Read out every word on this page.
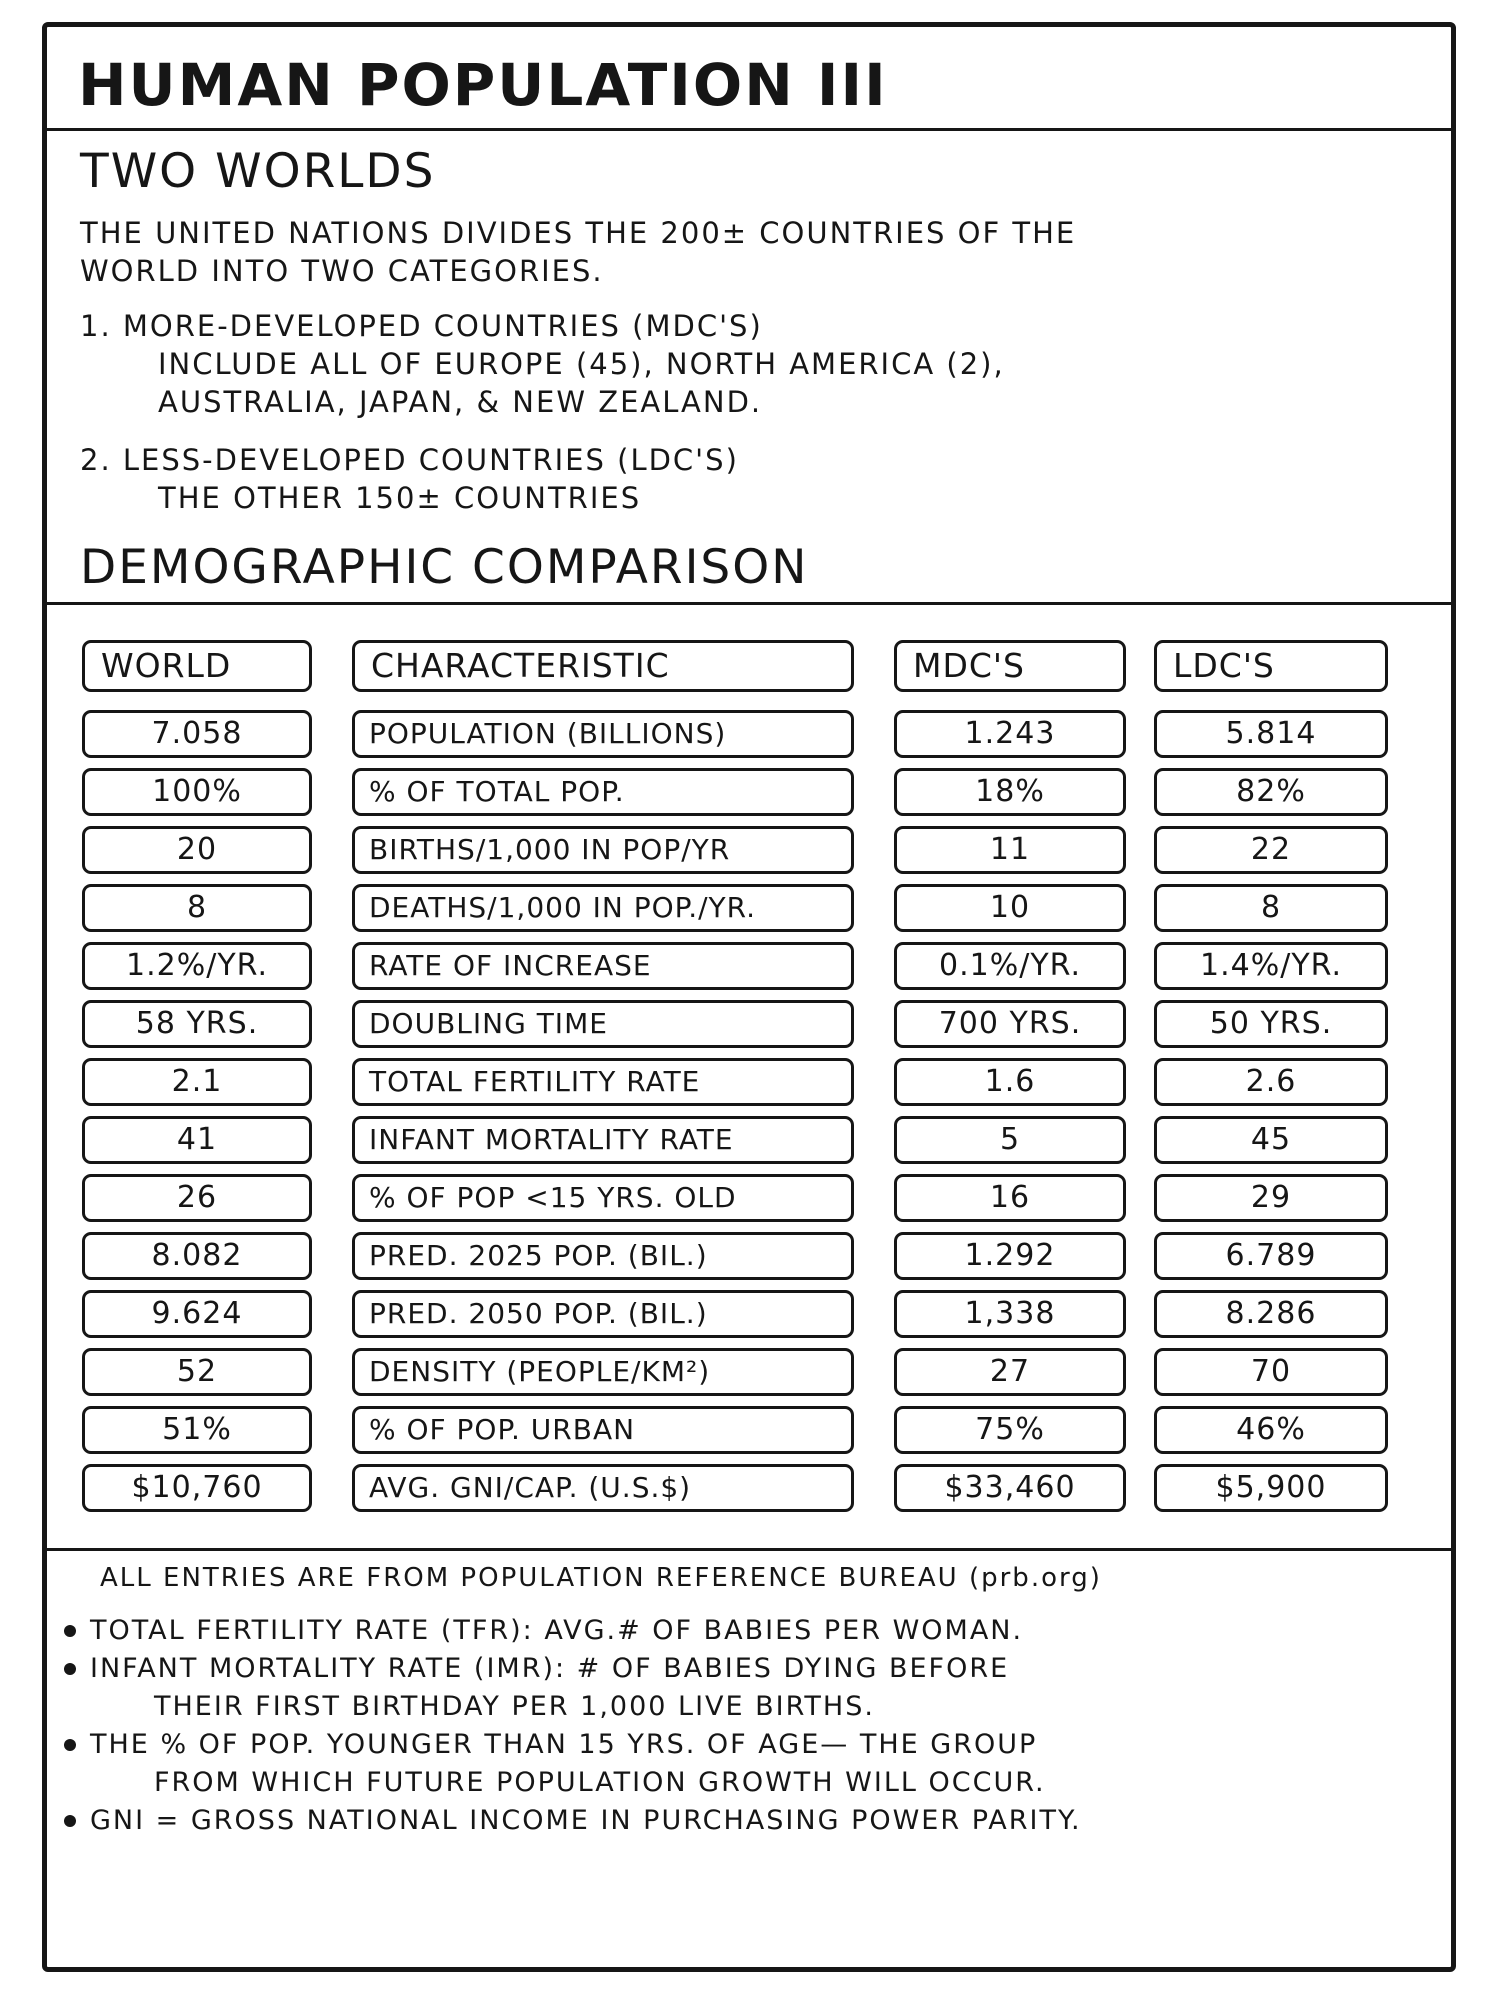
HUMAN POPULATION III
TWO WORLDS

THE UNITED NATIONS DIVIDES THE 200± COUNTRIES OF THE

WORLD INTO TWO CATEGORIES.

1. MORE-DEVELOPED COUNTRIES (MDC'S)
INCLUDE ALL OF EUROPE (45), NORTH AMERICA (2),
AUSTRALIA, JAPAN, & NEW ZEALAND.
2. LESS-DEVELOPED COUNTRIES (LDC'S)
THE OTHER 150± COUNTRIES
DEMOGRAPHIC COMPARISON
WORLD	CHARACTERISTIC	MDC'S	LDC'S
7.058	POPULATION (BILLIONS)	1.243	5.814
100%	% OF TOTAL POP.	18%	82%
20	BIRTHS/1,000 IN POP/YR	11	22
8	DEATHS/1,000 IN POP./YR.	10	8
1.2%/YR.	RATE OF INCREASE	0.1%/YR.	1.4%/YR.
58 YRS.	DOUBLING TIME	700 YRS.	50 YRS.
2.1	TOTAL FERTILITY RATE	1.6	2.6
41	INFANT MORTALITY RATE	5	45
26	% OF POP <15 YRS. OLD	16	29
8.082	PRED. 2025 POP. (BIL.)	1.292	6.789
9.624	PRED. 2050 POP. (BIL.)	1,338	8.286
52	DENSITY (PEOPLE/KM²)	27	70
51%	% OF POP. URBAN	75%	46%
$10,760	AVG. GNI/CAP. (U.S.$)	$33,460	$5,900
ALL ENTRIES ARE FROM POPULATION REFERENCE BUREAU (prb.org)
TOTAL FERTILITY RATE (TFR): AVG.# OF BABIES PER WOMAN.
INFANT MORTALITY RATE (IMR): # OF BABIES DYING BEFORE
THEIR FIRST BIRTHDAY PER 1,000 LIVE BIRTHS.
THE % OF POP. YOUNGER THAN 15 YRS. OF AGE— THE GROUP
FROM WHICH FUTURE POPULATION GROWTH WILL OCCUR.
GNI = GROSS NATIONAL INCOME IN PURCHASING POWER PARITY.
